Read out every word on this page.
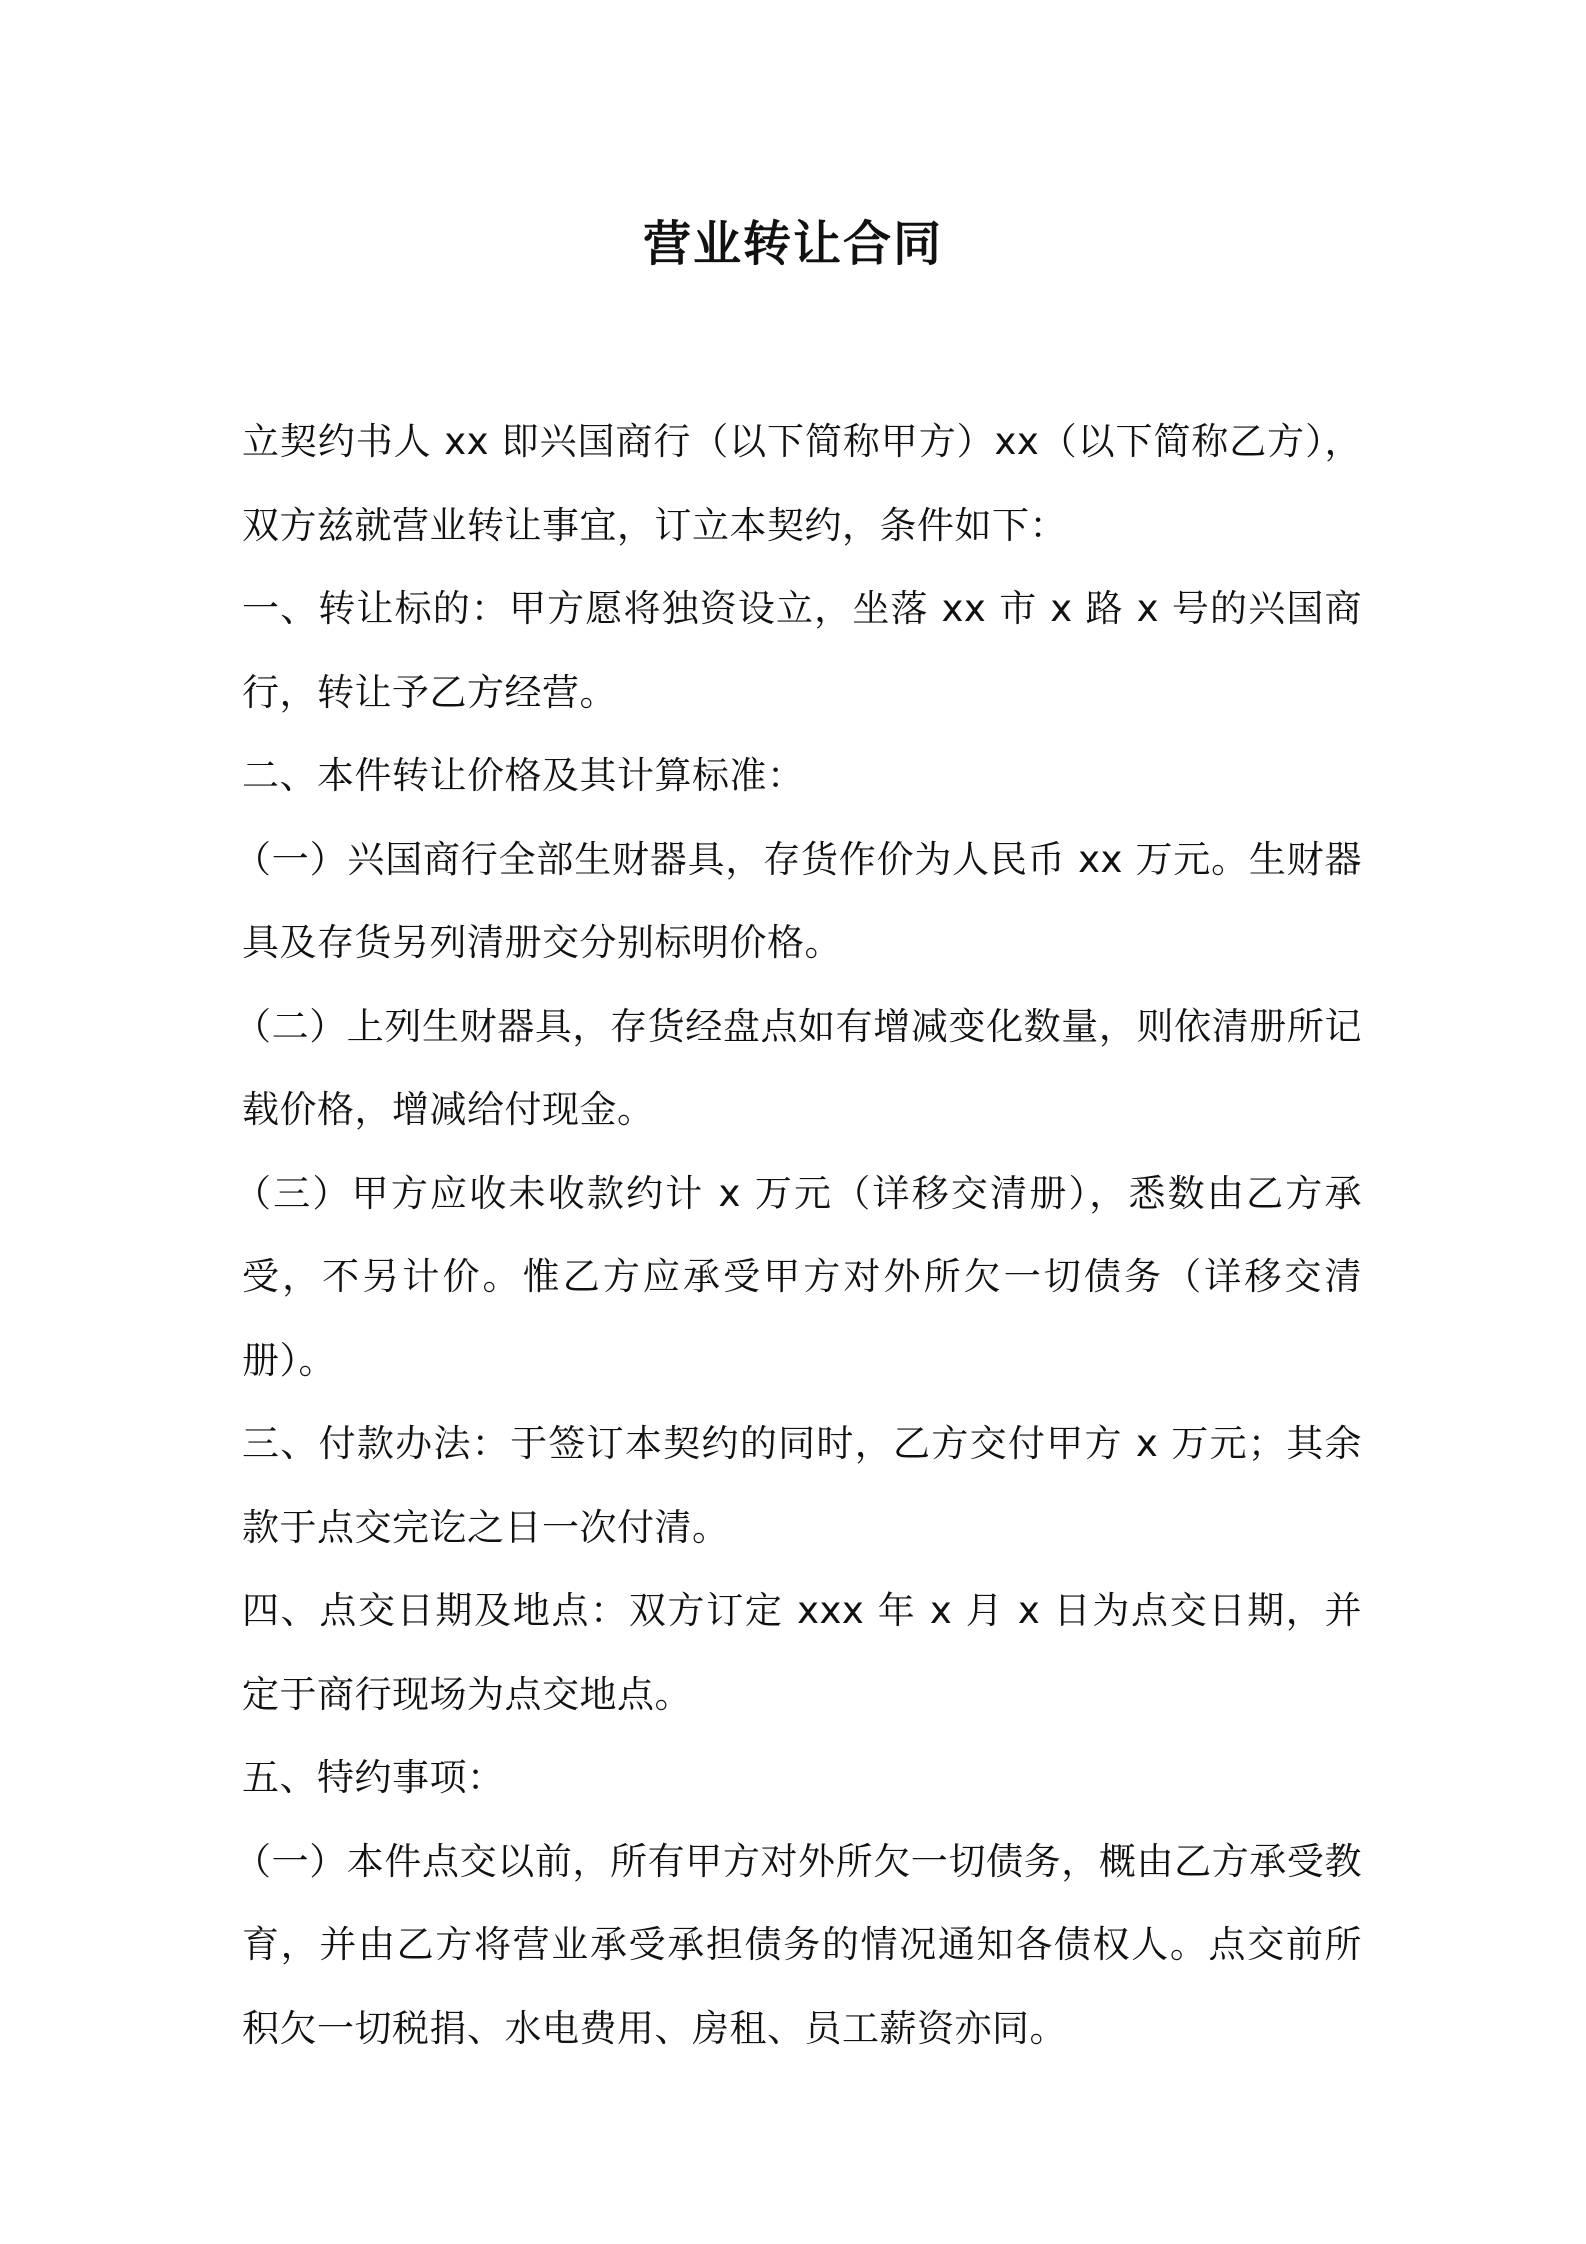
营业转让合同

立契约书人 xx 即兴国商行（以下简称甲方）xx（以下简称乙方），双方兹就营业转让事宜，订立本契约，条件如下：

一、转让标的：甲方愿将独资设立，坐落 xx 市 x 路 x 号的兴国商行，转让予乙方经营。

二、本件转让价格及其计算标准：

（一）兴国商行全部生财器具，存货作价为人民币 xx 万元。生财器具及存货另列清册交分别标明价格。

（二）上列生财器具，存货经盘点如有增减变化数量，则依清册所记载价格，增减给付现金。

（三）甲方应收未收款约计 x 万元（详移交清册），悉数由乙方承受，不另计价。惟乙方应承受甲方对外所欠一切债务（详移交清册）。

三、付款办法：于签订本契约的同时，乙方交付甲方 x 万元；其余款于点交完讫之日一次付清。

四、点交日期及地点：双方订定 xxx 年 x 月 x 日为点交日期，并定于商行现场为点交地点。

五、特约事项：

（一）本件点交以前，所有甲方对外所欠一切债务，概由乙方承受教育，并由乙方将营业承受承担债务的情况通知各债权人。点交前所积欠一切税捐、水电费用、房租、员工薪资亦同。
